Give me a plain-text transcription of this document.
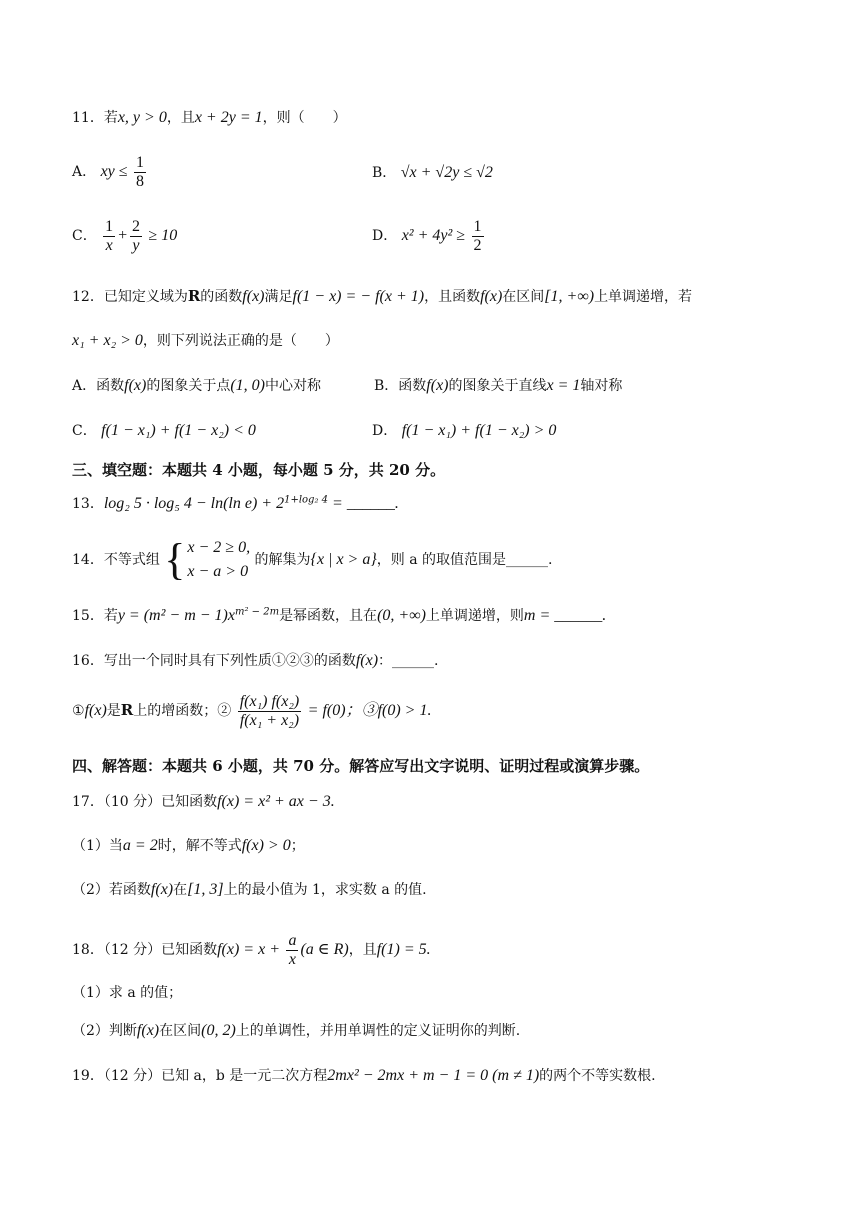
11．若x, y > 0，且x + 2y = 1，则（　　）
A． xy ≤ $\frac{1}{8}$	B． √x + √2y ≤ √2
C． $\frac{1}{x} + \frac{2}{y} \ge 10$	D． $x^2 + 4y^2 \ge \frac{1}{2}$
12．已知定义域为R的函数f(x)满足f(1 − x) = − f(x + 1)，且函数f(x)在区间[1, +∞)上单调递增，若
x₁ + x₂ > 0，则下列说法正确的是（　　）
A．函数f(x)的图象关于点(1, 0)中心对称	B．函数f(x)的图象关于直线x = 1轴对称
C． f(1 − x₁) + f(1 − x₂) < 0	D． f(1 − x₁) + f(1 − x₂) > 0
三、填空题：本题共 4 小题，每小题 5 分，共 20 分。
13．log₂ 5 · log₅ 4 − ln(ln $e) + 2^{1+log_2 4}$ = ______.
14．不等式组 { x − 2 ≥ 0,
x − a > 0
的解集为{x | x > a}，则 a 的取值范围是______.
15．若$y = (m^2 - m - 1)x^{m^2 - 2m}$是幂函数，且在(0, +∞)上单调递增，则m = ______.
16．写出一个同时具有下列性质①②③的函数f(x)：______.
①f(x)是R上的增函数；② $\frac{\text{f(x₁) f(x₂)}}{\text{f(x₁ + x₂)}} = f(0)$；③f(0) > 1.
四、解答题：本题共 6 小题，共 70 分。解答应写出文字说明、证明过程或演算步骤。
17．（10 分）已知函数f(x) = x² + ax − 3.
（1）当a = 2时，解不等式f(x) > 0；
（2）若函数f(x)在[1, 3]上的最小值为 1，求实数 a 的值.
18．（12 分）已知函数$f(x) = x + \frac{a}{x} (a$ ∈ R)，且f(1) = 5.
（1）求 a 的值；
（2）判断f(x)在区间(0, 2)上的单调性，并用单调性的定义证明你的判断.
19．（12 分）已知 a，b 是一元二次方程2mx² − 2mx + m − 1 = 0 (m ≠ 1)的两个不等实数根.
